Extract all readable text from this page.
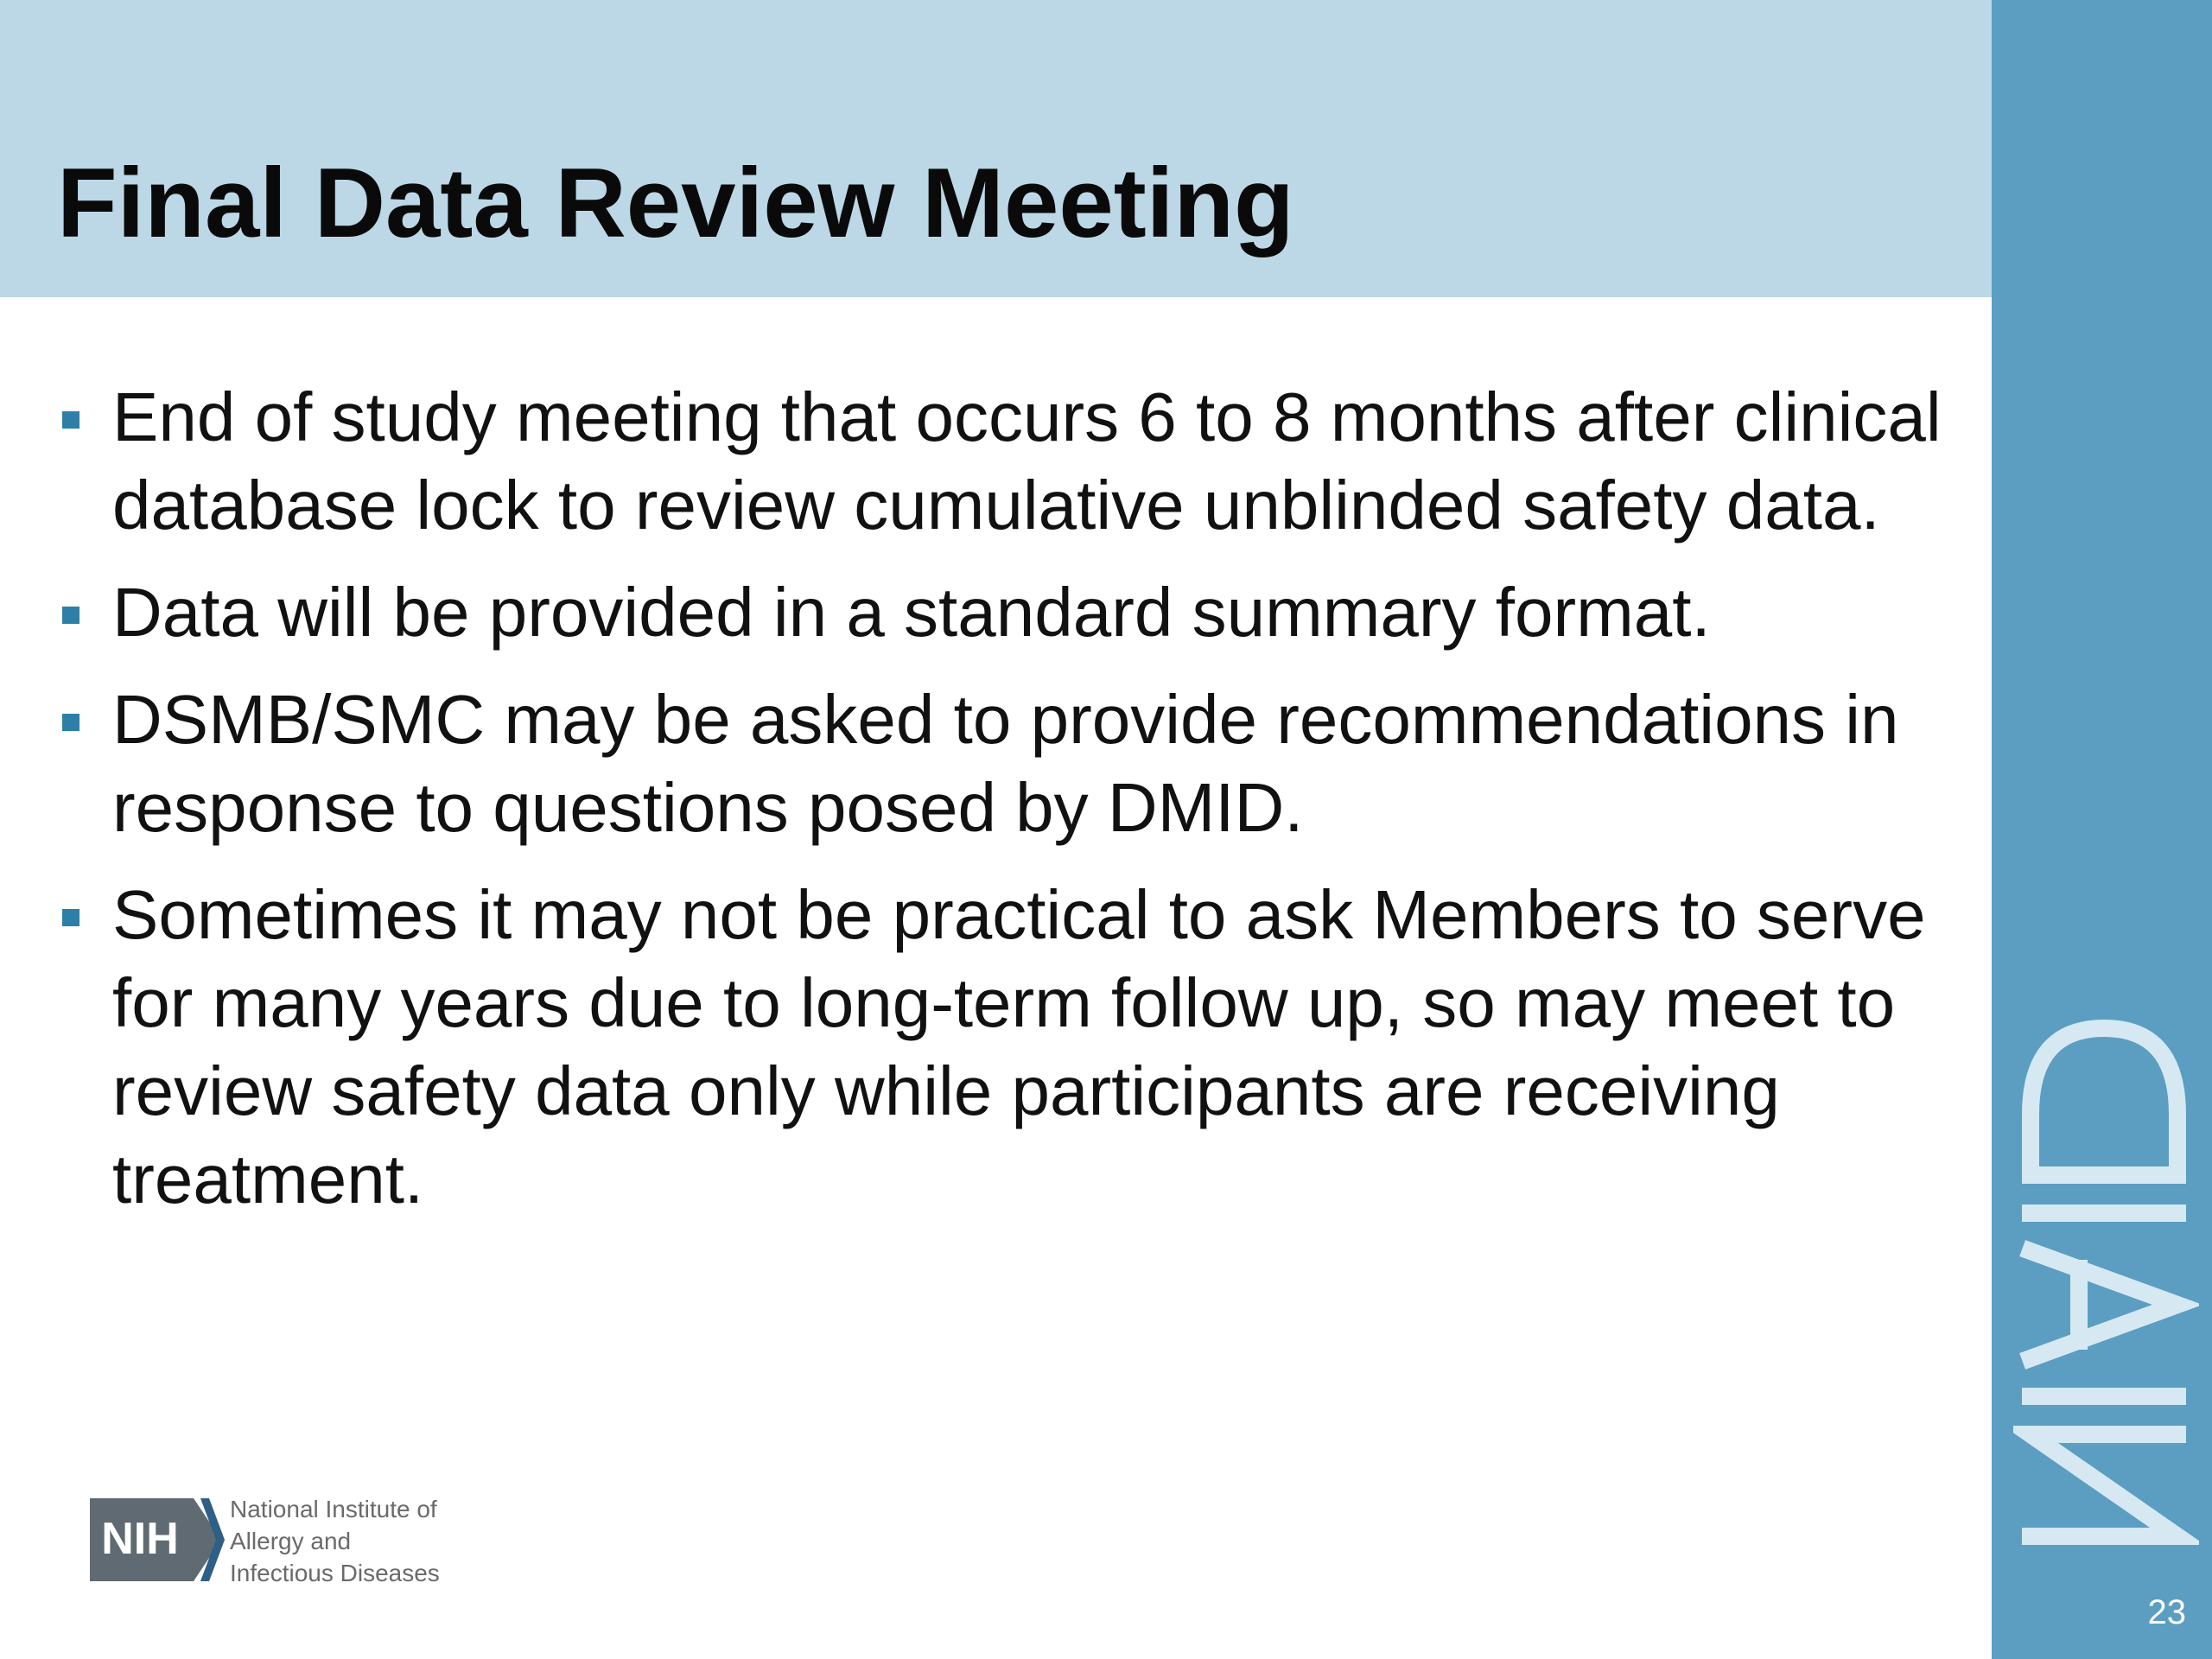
Final Data Review Meeting
23
End of study meeting that occurs 6 to 8 months after clinical database lock to review cumulative unblinded safety data.
Data will be provided in a standard summary format.
DSMB/SMC may be asked to provide recommendations in response to questions posed by DMID.
Sometimes it may not be practical to ask Members to serve for many years due to long-term follow up, so may meet to review safety data only while participants are receiving treatment.
NIH
National Institute of
Allergy and
Infectious Diseases
